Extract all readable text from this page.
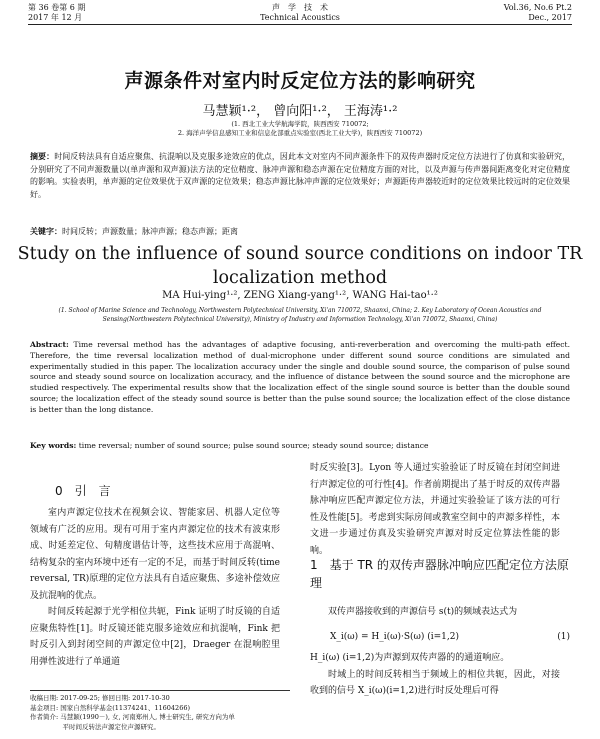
第 36 卷第 6 期
2017 年 12 月
声　学　技　术
Technical Acoustics
Vol.36, No.6 Pt.2
Dec., 2017
声源条件对室内时反定位方法的影响研究
马慧颖¹·²， 曾向阳¹·²， 王海涛¹·²
(1. 西北工业大学航海学院，陕西西安 710072;
2. 海洋声学信息感知工业和信息化部重点实验室(西北工业大学)，陕西西安 710072)
摘要：时间反转法具有自适应聚焦、抗混响以及克服多途效应的优点，因此本文对室内不同声源条件下的双传声器时反定位方法进行了仿真和实验研究，分别研究了不同声源数量以(单声源和双声源)法方法的定位精度、脉冲声源和稳态声源在定位精度方面的对比，以及声源与传声器间距离变化对定位精度的影响。实验表明，单声源的定位效果优于双声源的定位效果；稳态声源比脉冲声源的定位效果好；声源距传声器较近时的定位效果比较远时的定位效果好。
关键字：时间反转；声源数量；脉冲声源；稳态声源；距离
Study on the influence of sound source conditions on indoor TR
localization method
MA Hui-ying¹·², ZENG Xiang-yang¹·², WANG Hai-tao¹·²
(1. School of Marine Science and Technology, Northwestern Polytechnical University, Xi'an 710072, Shaanxi, China; 2. Key Laboratory of Ocean Acoustics and Sensing(Northwestern Polytechnical University), Ministry of Industry and Information Technology, Xi'an 710072, Shaanxi, China)
Abstract: Time reversal method has the advantages of adaptive focusing, anti-reverberation and overcoming the multi-path effect. Therefore, the time reversal localization method of dual-microphone under different sound source conditions are simulated and experimentally studied in this paper. The localization accuracy under the single and double sound source, the comparison of pulse sound source and steady sound source on localization accuracy, and the influence of distance between the sound source and the microphone are studied respectively. The experimental results show that the localization effect of the single sound source is better than the double sound source; the localization effect of the steady sound source is better than the pulse sound source; the localization effect of the close distance is better than the long distance.
Key words: time reversal; number of sound source; pulse sound source; steady sound source; distance
0　引　言

室内声源定位技术在视频会议、智能家居、机器人定位等领域有广泛的应用。现有可用于室内声源定位的技术有波束形成、时延差定位、旬精度谱估计等，这些技术应用于高混响、结构复杂的室内环境中还有一定的不足，而基于时间反转(time reversal, TR)原理的定位方法具有自适应聚焦、多途补偿效应及抗混响的优点。

时间反转起源于光学相位共轭，Fink 证明了时反镜的自适应聚焦特性[1]。时反镜还能克服多途效应和抗混响，Fink 把时反引入到封闭空间的声源定位中[2]，Draeger 在混响腔里用弹性波进行了单通道

时反实验[3]。Lyon 等人通过实验验证了时反镜在封闭空间进行声源定位的可行性[4]。作者前期提出了基于时反的双传声器脉冲响应匹配声源定位方法，并通过实验验证了该方法的可行性及性能[5]。考虑到实际房间或教室空间中的声源多样性，本文进一步通过仿真及实验研究声源对时反定位算法性能的影响。

1　基于 TR 的双传声器脉冲响应匹配定位方法原理

双传声器接收到的声源信号 s(t)的频域表达式为

X_i(ω) = H_i(ω)·S(ω) (i=1,2)	(1)

H_i(ω) (i=1,2)为声源到双传声器的的通道响应。

时域上的时间反转相当于频域上的相位共轭，因此，对接收到的信号 X_i(ω)(i=1,2)进行时反处理后可得

收稿日期: 2017-09-25; 修回日期: 2017-10-30
基金项目: 国家自然科学基金(11374241、11604266)
作者简介: 马慧颖(1990－), 女, 河南郑州人, 博士研究生, 研究方向为单
　　　　　平时间反转法声源定位声源研究。
